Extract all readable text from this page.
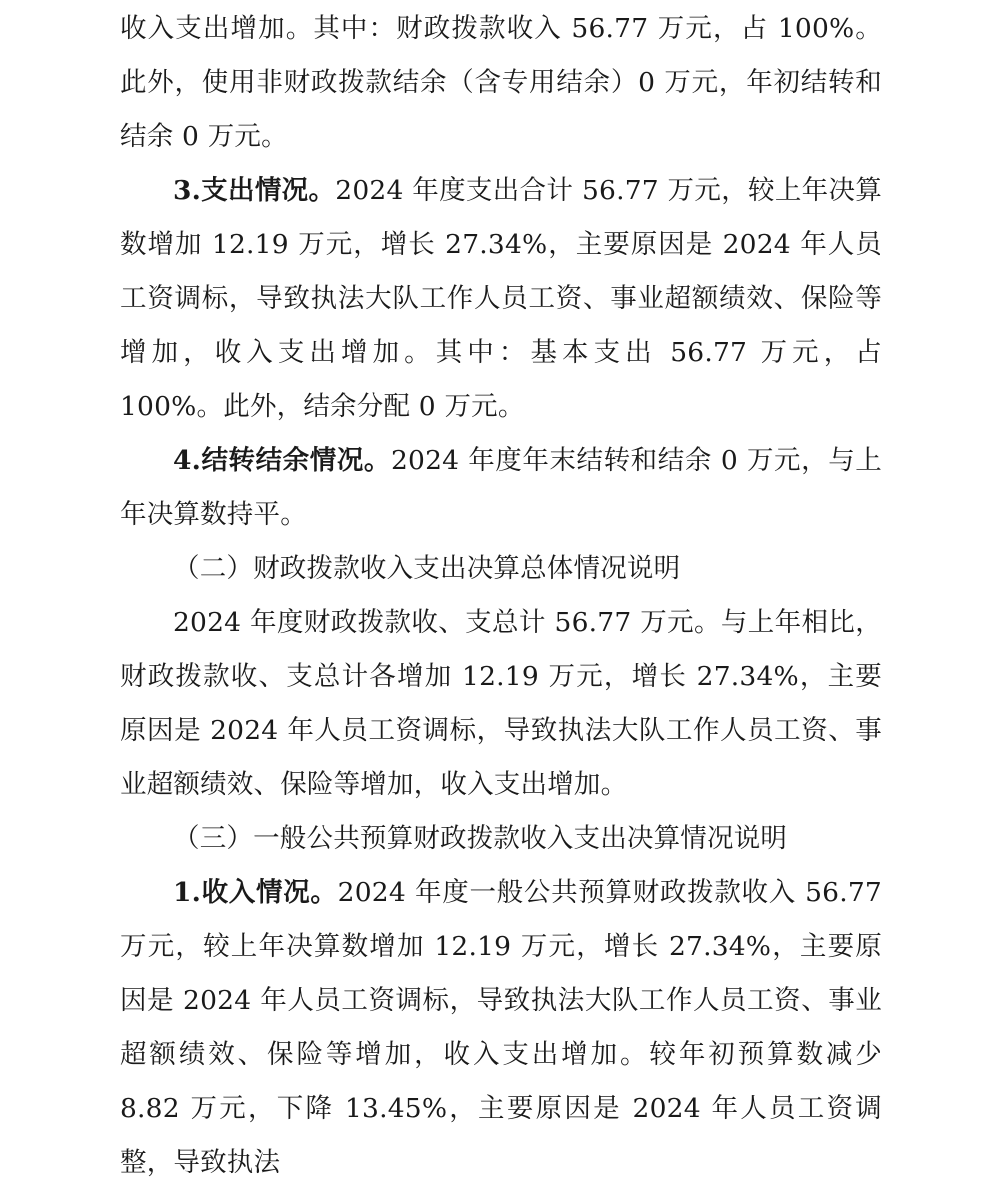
收入支出增加。其中：财政拨款收入 56.77 万元，占 100%。此外，使用非财政拨款结余（含专用结余）0 万元，年初结转和结余 0 万元。

3.支出情况。2024 年度支出合计 56.77 万元，较上年决算数增加 12.19 万元，增长 27.34%，主要原因是 2024 年人员工资调标，导致执法大队工作人员工资、事业超额绩效、保险等增加，收入支出增加。其中：基本支出 56.77 万元，占 100%。此外，结余分配 0 万元。

4.结转结余情况。2024 年度年末结转和结余 0 万元，与上年决算数持平。

（二）财政拨款收入支出决算总体情况说明

2024 年度财政拨款收、支总计 56.77 万元。与上年相比，财政拨款收、支总计各增加 12.19 万元，增长 27.34%，主要原因是 2024 年人员工资调标，导致执法大队工作人员工资、事业超额绩效、保险等增加，收入支出增加。

（三）一般公共预算财政拨款收入支出决算情况说明

1.收入情况。2024 年度一般公共预算财政拨款收入 56.77 万元，较上年决算数增加 12.19 万元，增长 27.34%，主要原因是 2024 年人员工资调标，导致执法大队工作人员工资、事业超额绩效、保险等增加，收入支出增加。较年初预算数减少 8.82 万元，下降 13.45%，主要原因是 2024 年人员工资调整，导致执法
